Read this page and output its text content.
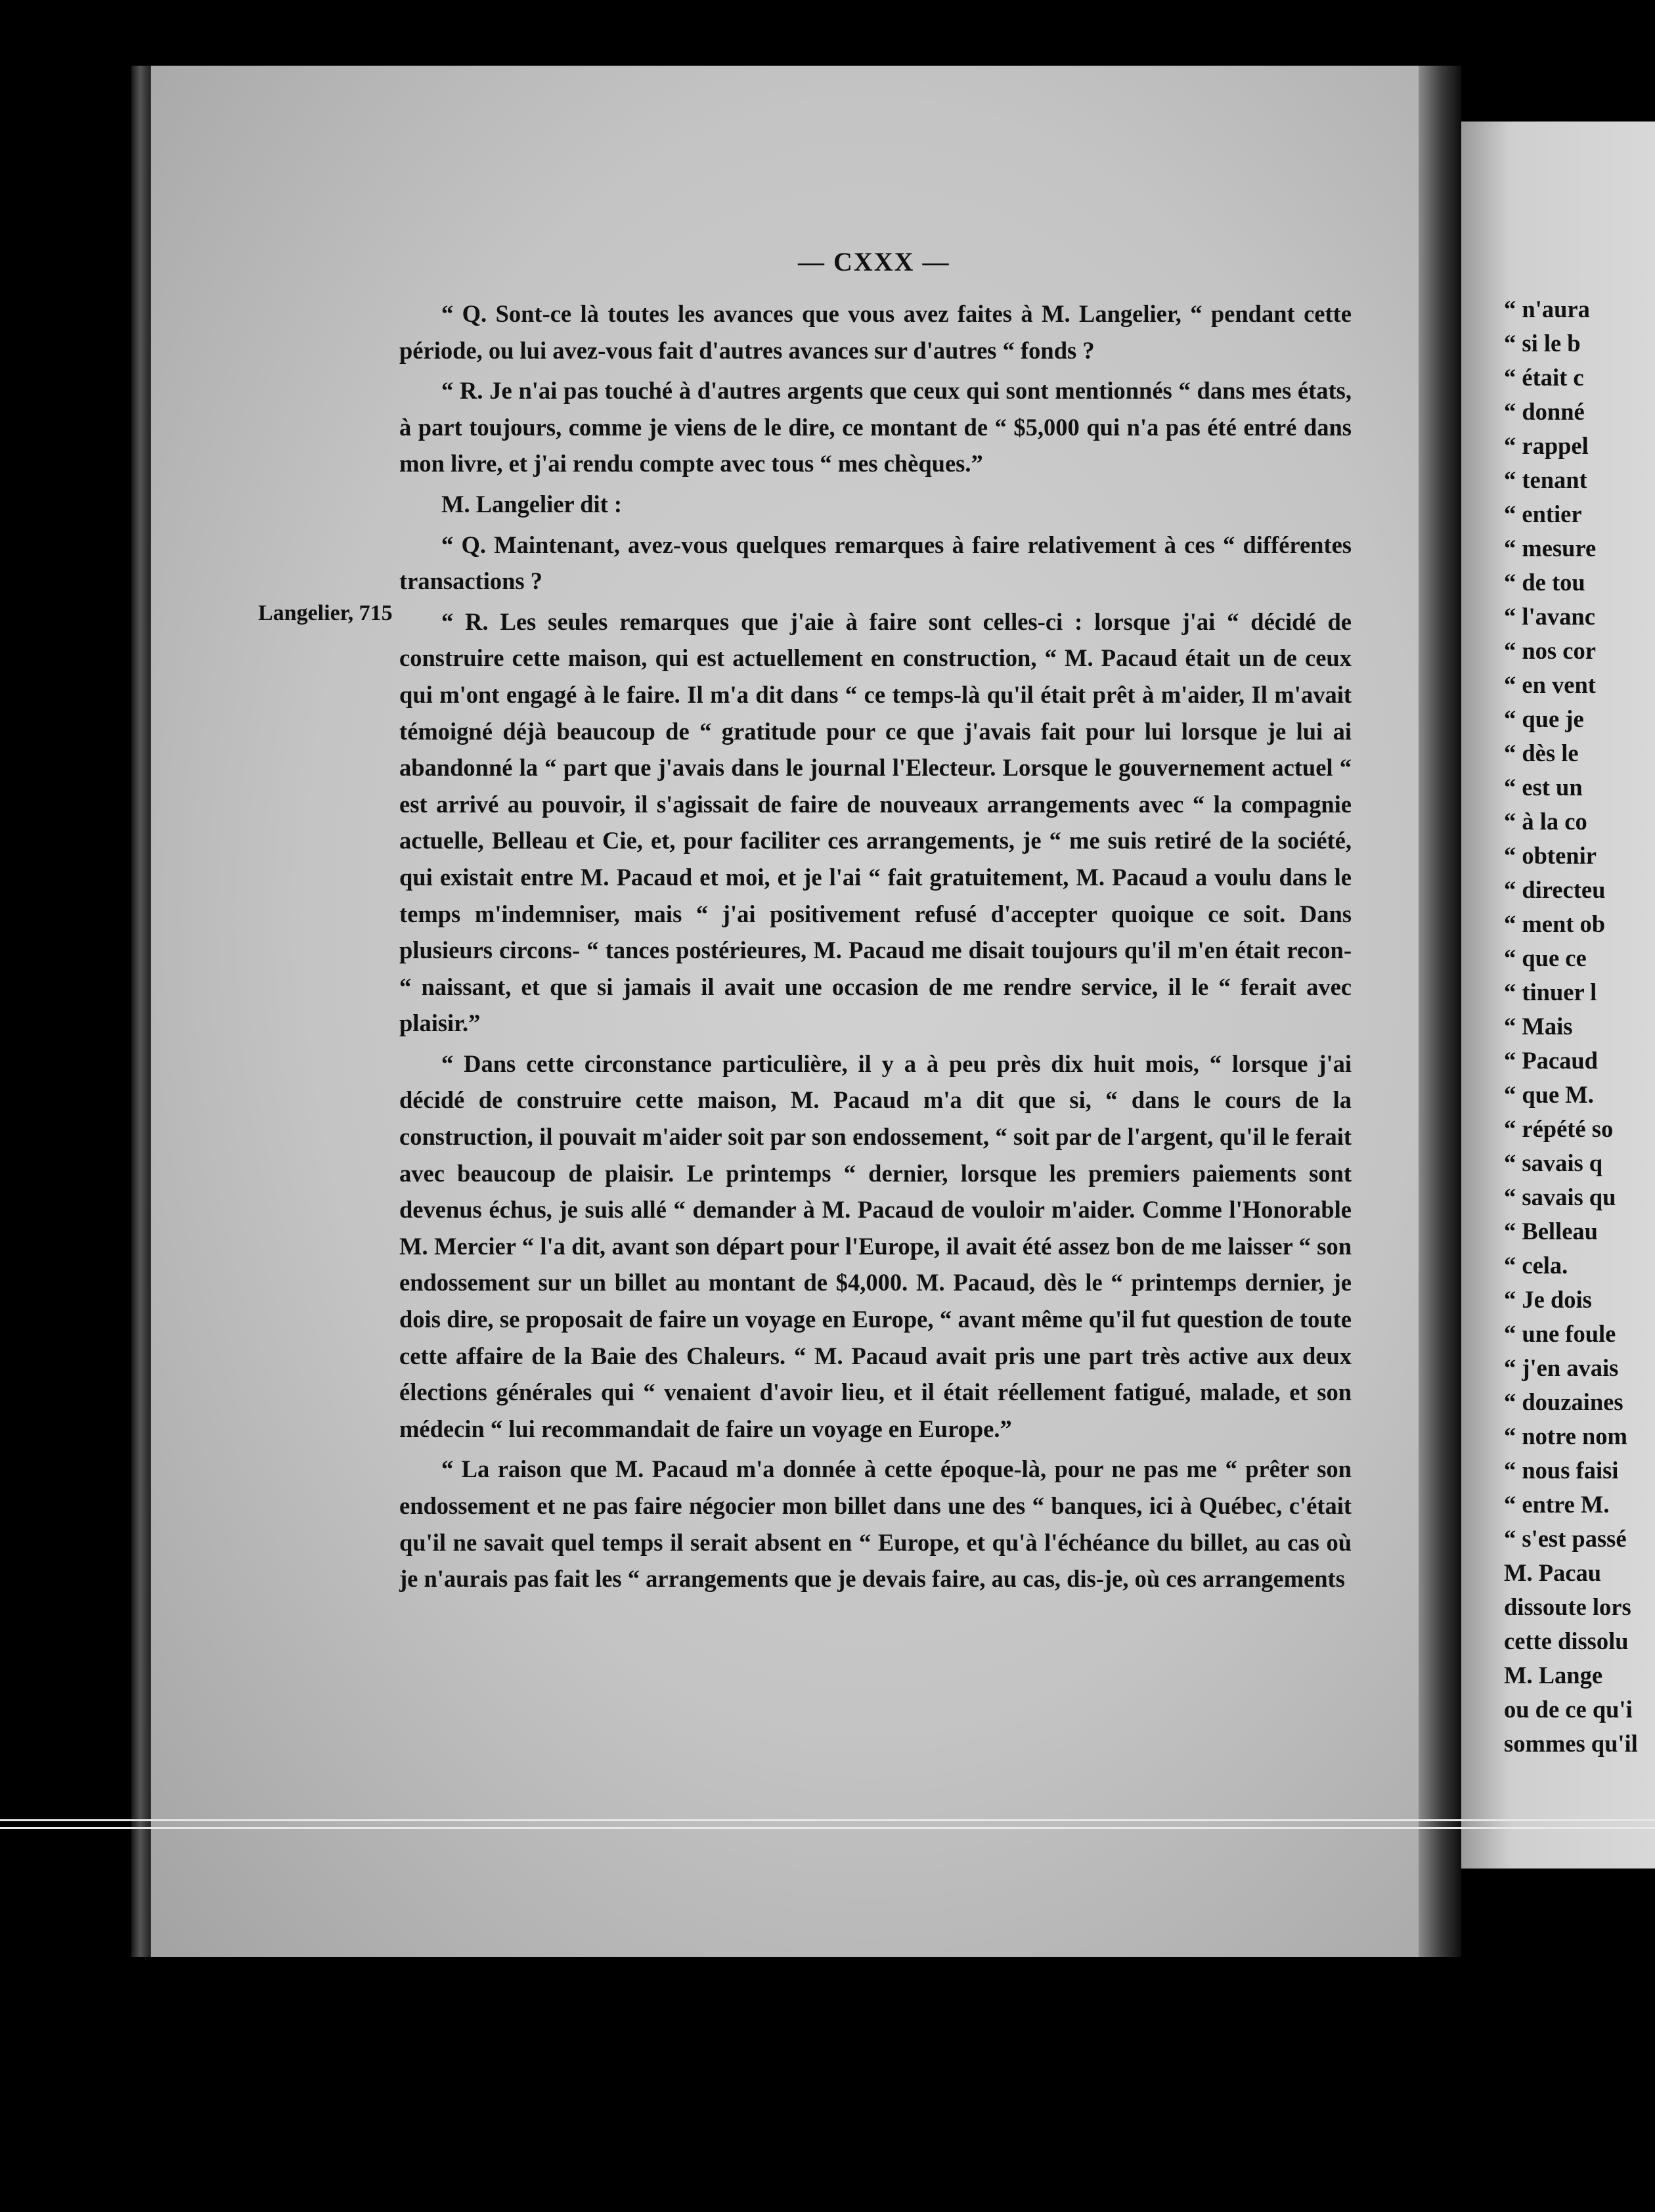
— CXXX —
Langelier, 715

“ Q. Sont-ce là toutes les avances que vous avez faites à M. Langelier, “ pendant cette période, ou lui avez-vous fait d'autres avances sur d'autres “ fonds ?

“ R. Je n'ai pas touché à d'autres argents que ceux qui sont mentionnés “ dans mes états, à part toujours, comme je viens de le dire, ce montant de “ $5,000 qui n'a pas été entré dans mon livre, et j'ai rendu compte avec tous “ mes chèques.”

M. Langelier dit :

“ Q. Maintenant, avez-vous quelques remarques à faire relativement à ces “ différentes transactions ?

“ R. Les seules remarques que j'aie à faire sont celles-ci : lorsque j'ai “ décidé de construire cette maison, qui est actuellement en construction, “ M. Pacaud était un de ceux qui m'ont engagé à le faire. Il m'a dit dans “ ce temps-là qu'il était prêt à m'aider, Il m'avait témoigné déjà beaucoup de “ gratitude pour ce que j'avais fait pour lui lorsque je lui ai abandonné la “ part que j'avais dans le journal l'Electeur. Lorsque le gouvernement actuel “ est arrivé au pouvoir, il s'agissait de faire de nouveaux arrangements avec “ la compagnie actuelle, Belleau et Cie, et, pour faciliter ces arrangements, je “ me suis retiré de la société, qui existait entre M. Pacaud et moi, et je l'ai “ fait gratuitement, M. Pacaud a voulu dans le temps m'indemniser, mais “ j'ai positivement refusé d'accepter quoique ce soit. Dans plusieurs circons- “ tances postérieures, M. Pacaud me disait toujours qu'il m'en était recon- “ naissant, et que si jamais il avait une occasion de me rendre service, il le “ ferait avec plaisir.”

“ Dans cette circonstance particulière, il y a à peu près dix huit mois, “ lorsque j'ai décidé de construire cette maison, M. Pacaud m'a dit que si, “ dans le cours de la construction, il pouvait m'aider soit par son endossement, “ soit par de l'argent, qu'il le ferait avec beaucoup de plaisir. Le printemps “ dernier, lorsque les premiers paiements sont devenus échus, je suis allé “ demander à M. Pacaud de vouloir m'aider. Comme l'Honorable M. Mercier “ l'a dit, avant son départ pour l'Europe, il avait été assez bon de me laisser “ son endossement sur un billet au montant de $4,000. M. Pacaud, dès le “ printemps dernier, je dois dire, se proposait de faire un voyage en Europe, “ avant même qu'il fut question de toute cette affaire de la Baie des Chaleurs. “ M. Pacaud avait pris une part très active aux deux élections générales qui “ venaient d'avoir lieu, et il était réellement fatigué, malade, et son médecin “ lui recommandait de faire un voyage en Europe.”

“ La raison que M. Pacaud m'a donnée à cette époque-là, pour ne pas me “ prêter son endossement et ne pas faire négocier mon billet dans une des “ banques, ici à Québec, c'était qu'il ne savait quel temps il serait absent en “ Europe, et qu'à l'échéance du billet, au cas où je n'aurais pas fait les “ arrangements que je devais faire, au cas, dis-je, où ces arrangements

“ n'aura
“ si le b
“ était c
“ donné
“ rappel
“ tenant
“ entier
“ mesure
“ de tou
“ l'avanc
“ nos cor
“ en vent
“ que je
“ dès le
“ est un
“ à la co
“ obtenir
“ directeu
“ ment ob
“ que ce
“ tinuer l
“ Mais
“ Pacaud
“ que M.
“ répété so
“ savais q
“ savais qu
“ Belleau
“ cela.
“ Je dois
“ une foule
“ j'en avais
“ douzaines
“ notre nom
“ nous faisi
“ entre M.
“ s'est passé
M. Pacau
dissoute lors
cette dissolu
M. Lange
ou de ce qu'i
sommes qu'il
